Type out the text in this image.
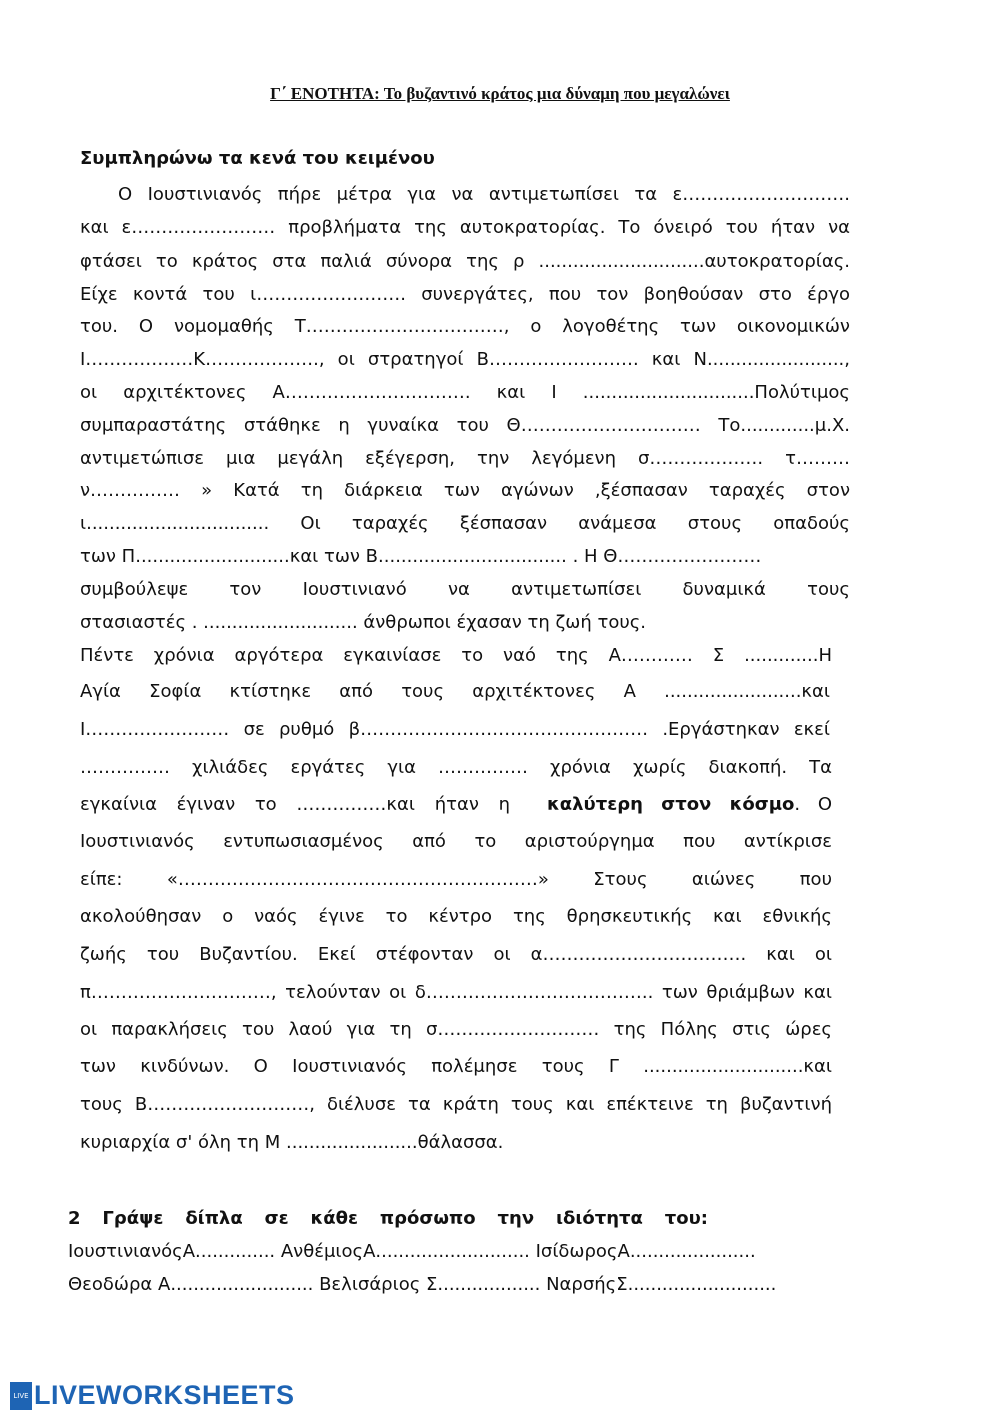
Γ΄ ΕΝΟΤΗΤΑ: Το βυζαντινό κράτος μια δύναμη που μεγαλώνει
Συμπληρώνω τα κενά του κειμένου
Ο Ιουστινιανός πήρε μέτρα για να αντιμετωπίσει τα ε……………………….
και ε…………………… προβλήματα της αυτοκρατορίας. Το όνειρό του ήταν να
φτάσει το κράτος στα παλιά σύνορα της ρ .............................αυτοκρατορίας.
Είχε κοντά του ι……………………. συνεργάτες, που τον βοηθούσαν στο έργο
του. Ο νομομαθής Τ……………………………, ο λογοθέτης των οικονομικών
Ι………………Κ………………., οι στρατηγοί Β……………………. και Ν........................,
οι αρχιτέκτονες Α…………………………. και Ι ..............................Πολύτιμος
συμπαραστάτης στάθηκε η γυναίκα του Θ………………………… Το.............μ.Χ.
αντιμετώπισε μια μεγάλη εξέγερση, την λεγόμενη σ………………. τ………
ν…………… » Κατά τη διάρκεια των αγώνων ,ξέσπασαν ταραχές στον
ι................................ Οι ταραχές ξέσπασαν ανάμεσα στους οπαδούς
των Π...........................και των Β................................. . Η Θ……………………
συμβούλεψε τον Ιουστινιανό να αντιμετωπίσει δυναμικά τους
στασιαστές . ........................... άνθρωποι έχασαν τη ζωή τους.
Πέντε χρόνια αργότερα εγκαινίασε το ναό της Α………… Σ .............Η
Αγία Σοφία κτίστηκε από τους αρχιτέκτονες Α ........................και
Ι…………………… σε ρυθμό β………………………………………… .Εργάστηκαν εκεί
…………… χιλιάδες εργάτες για …………… χρόνια χωρίς διακοπή. Τα
εγκαίνια έγιναν το ……………και ήταν η καλύτερη στον κόσμο. Ο
Ιουστινιανός εντυπωσιασμένος από το αριστούργημα που αντίκρισε
είπε: «……………………………………………………» Στους αιώνες που
ακολούθησαν ο ναός έγινε το κέντρο της θρησκευτικής και εθνικής
ζωής του Βυζαντίου. Εκεί στέφονταν οι α……………………………. και οι
π…………………………, τελούνταν οι δ……………………………….. των θριάμβων και
οι παρακλήσεις του λαού για τη σ……………………… της Πόλης στις ώρες
των κινδύνων. Ο Ιουστινιανός πολέμησε τους Γ ............................και
τους Β………………………, διέλυσε τα κράτη τους και επέκτεινε τη βυζαντινή
κυριαρχία σ' όλη τη Μ .......................θάλασσα.
2 Γράψε δίπλα σε κάθε πρόσωπο την ιδιότητα του:
ΙουστινιανόςΑ.............. ΑνθέμιοςΑ........................... ΙσίδωροςΑ......................
Θεοδώρα Α......................... Βελισάριος Σ.................. ΝαρσήςΣ..........................
LIVE LIVEWORKSHEETS
